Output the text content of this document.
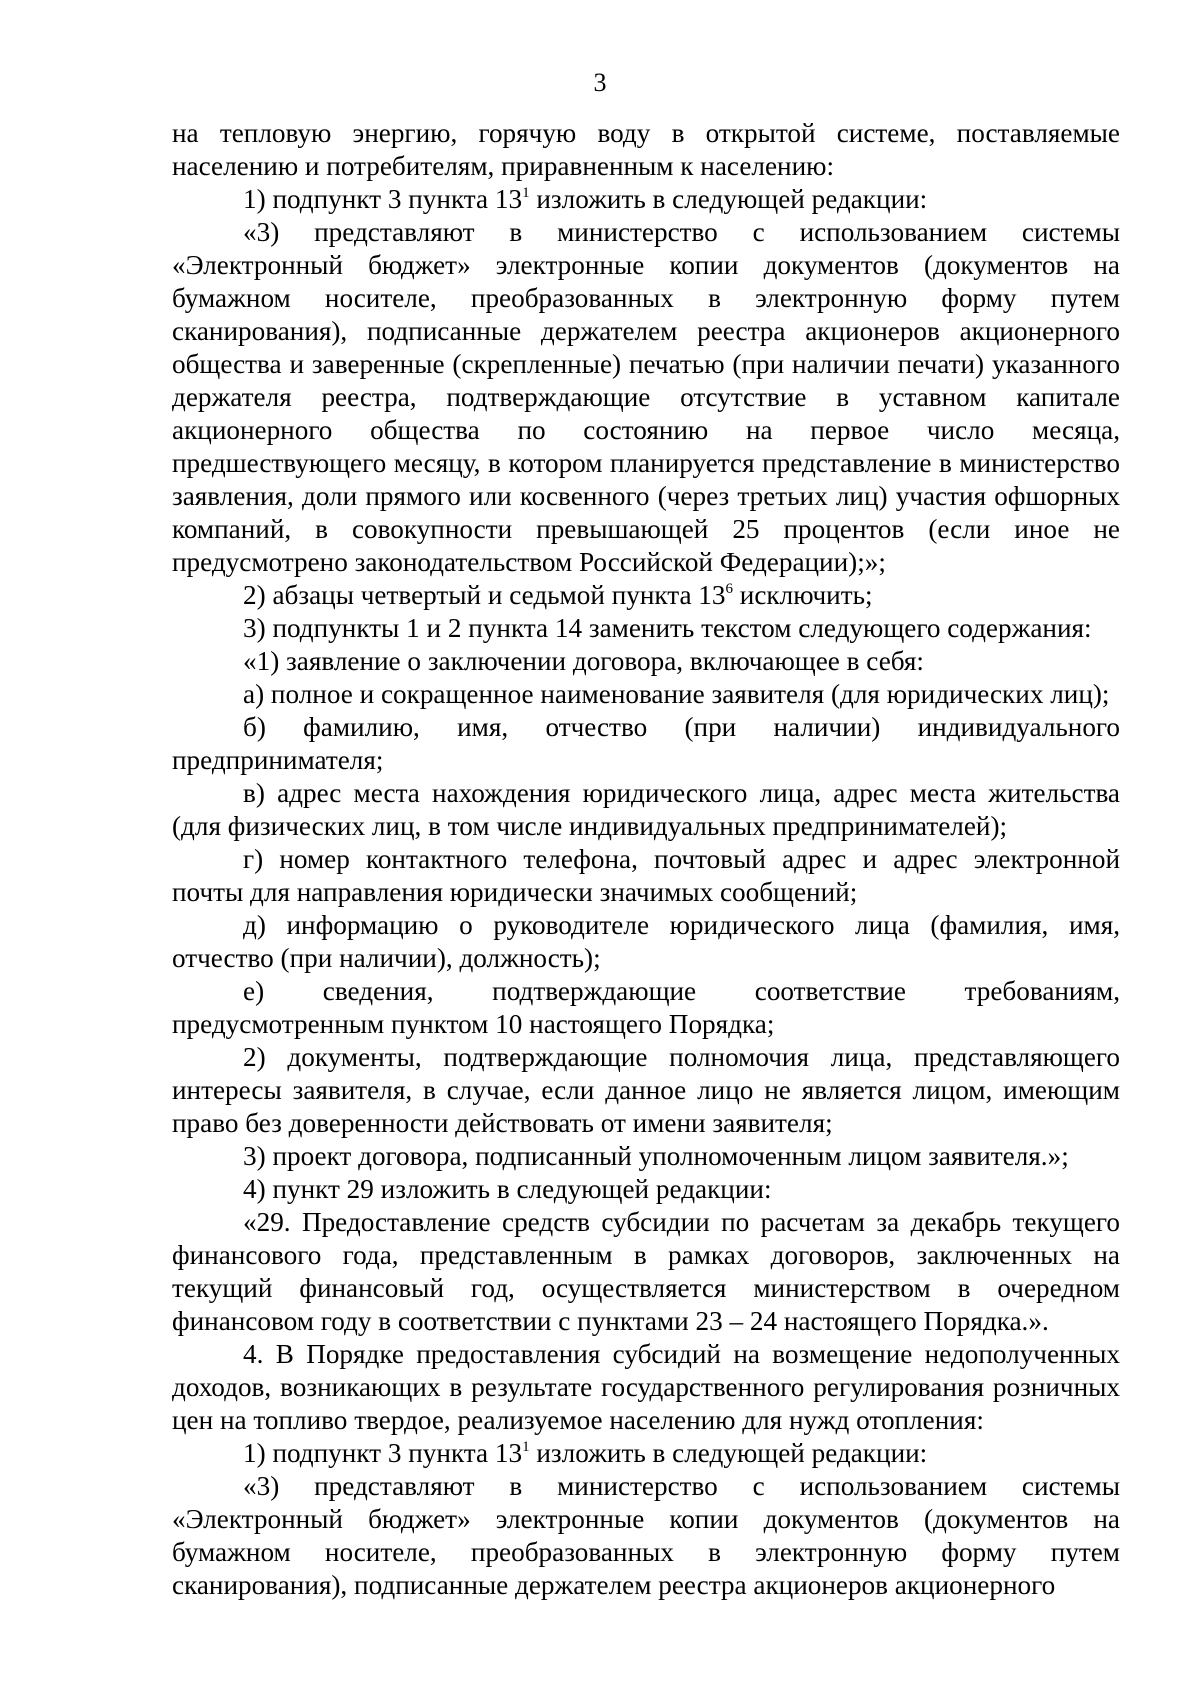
3

на тепловую энергию, горячую воду в открытой системе, поставляемые населению и потребителям, приравненным к населению:

1) подпункт 3 пункта $13^1$ изложить в следующей редакции:

«3) представляют в министерство с использованием системы «Электронный бюджет» электронные копии документов (документов на бумажном носителе, преобразованных в электронную форму путем сканирования), подписанные держателем реестра акционеров акционерного общества и заверенные (скрепленные) печатью (при наличии печати) указанного держателя реестра, подтверждающие отсутствие в уставном капитале акционерного общества по состоянию на первое число месяца, предшествующего месяцу, в котором планируется представление в министерство заявления, доли прямого или косвенного (через третьих лиц) участия офшорных компаний, в совокупности превышающей 25 процентов (если иное не предусмотрено законодательством Российской Федерации);»;

2) абзацы четвертый и седьмой пункта $13^6$ исключить;

3) подпункты 1 и 2 пункта 14 заменить текстом следующего содержания:

«1) заявление о заключении договора, включающее в себя:

а) полное и сокращенное наименование заявителя (для юридических лиц);

б) фамилию, имя, отчество (при наличии) индивидуального предпринимателя;

в) адрес места нахождения юридического лица, адрес места жительства (для физических лиц, в том числе индивидуальных предпринимателей);

г) номер контактного телефона, почтовый адрес и адрес электронной почты для направления юридически значимых сообщений;

д) информацию о руководителе юридического лица (фамилия, имя, отчество (при наличии), должность);

е) сведения, подтверждающие соответствие требованиям, предусмотренным пунктом 10 настоящего Порядка;

2) документы, подтверждающие полномочия лица, представляющего интересы заявителя, в случае, если данное лицо не является лицом, имеющим право без доверенности действовать от имени заявителя;

3) проект договора, подписанный уполномоченным лицом заявителя.»;

4) пункт 29 изложить в следующей редакции:

«29. Предоставление средств субсидии по расчетам за декабрь текущего финансового года, представленным в рамках договоров, заключенных на текущий финансовый год, осуществляется министерством в очередном финансовом году в соответствии с пунктами 23 – 24 настоящего Порядка.».

4. В Порядке предоставления субсидий на возмещение недополученных доходов, возникающих в результате государственного регулирования розничных цен на топливо твердое, реализуемое населению для нужд отопления:

1) подпункт 3 пункта $13^1$ изложить в следующей редакции:

«3) представляют в министерство с использованием системы «Электронный бюджет» электронные копии документов (документов на бумажном носителе, преобразованных в электронную форму путем сканирования), подписанные держателем реестра акционеров акционерного
